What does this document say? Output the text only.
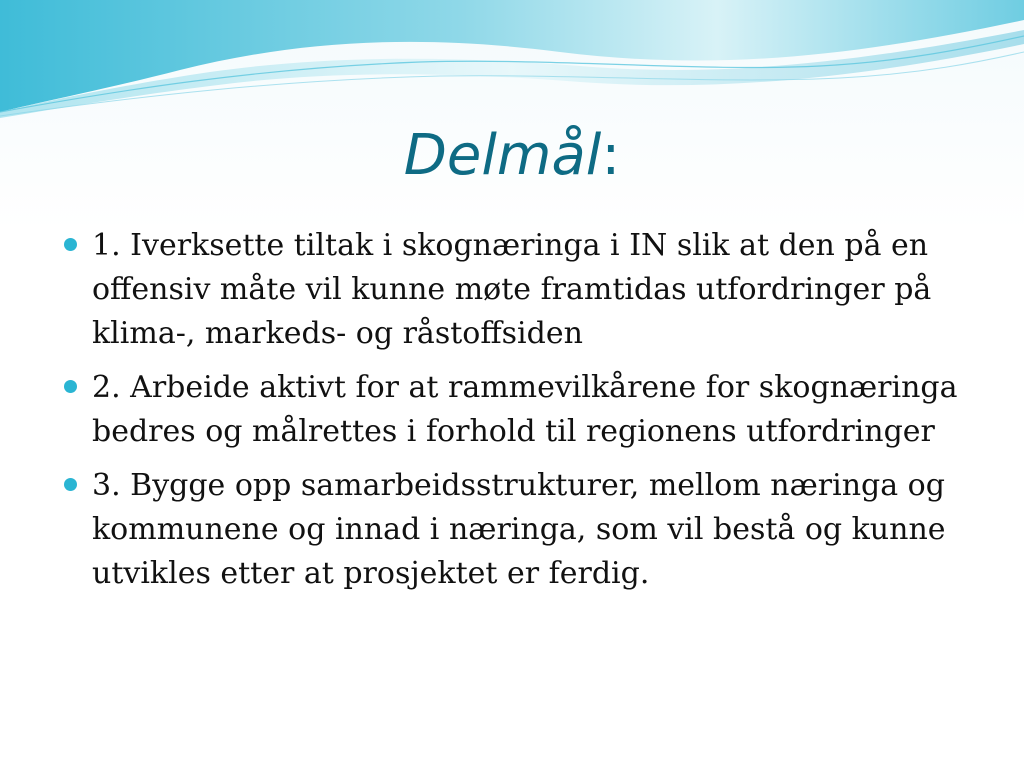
Delmål:
1. Iverksette tiltak i skognæringa i IN slik at den på en offensiv måte vil kunne møte framtidas utfordringer på klima-, markeds- og råstoffsiden
2. Arbeide aktivt for at rammevilkårene for skognæringa bedres og målrettes i forhold til regionens utfordringer
3. Bygge opp samarbeidsstrukturer, mellom næringa og kommunene og innad i næringa, som vil bestå og kunne utvikles etter at prosjektet er ferdig.
